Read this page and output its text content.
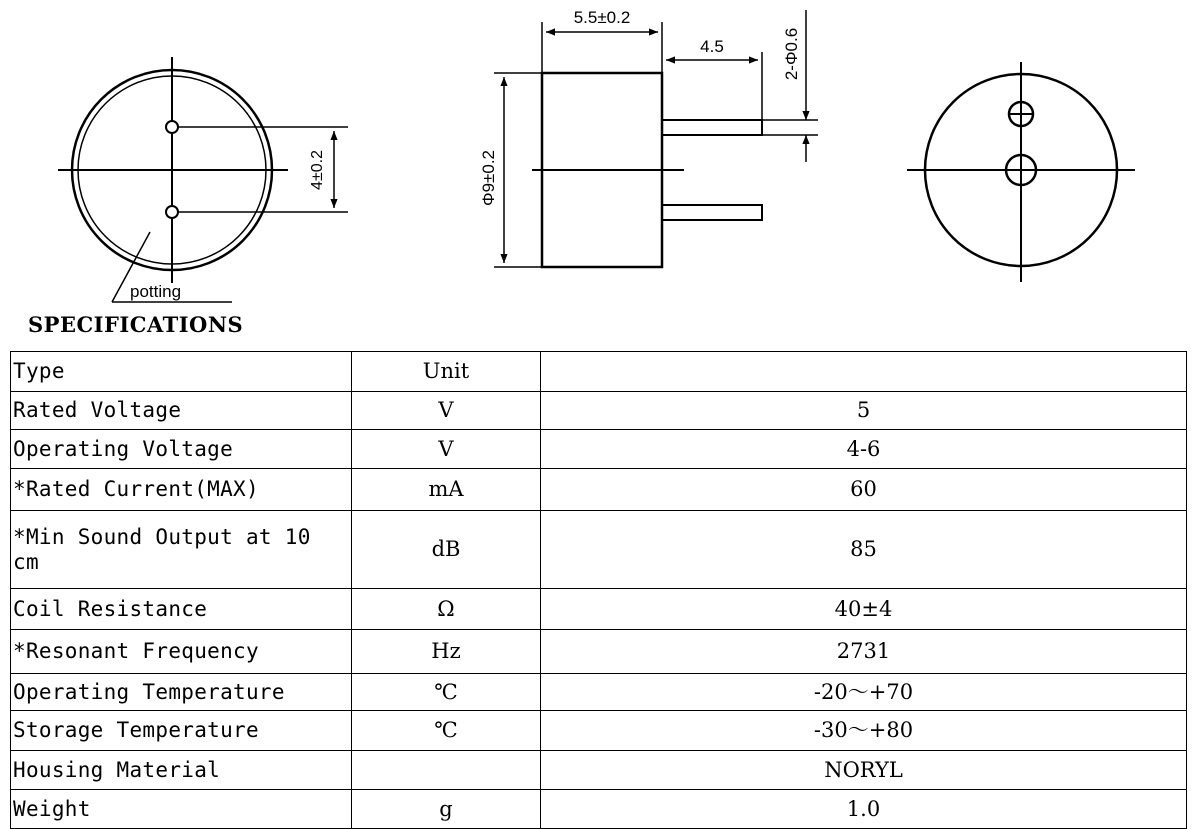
4±0.2
potting
5.5±0.2
4.5	2-Φ0.6
Φ9±0.2
SPECIFICATIONS
Type	Unit	
Rated Voltage	V	5
Operating Voltage	V	4-6
*Rated Current(MAX)	mA	60
*Min Sound Output at 10 cm	dB	85
Coil Resistance	Ω	40±4
*Resonant Frequency	Hz	2731
Operating Temperature	℃	-20～+70
Storage Temperature	℃	-30～+80
Housing Material		NORYL
Weight	g	1.0
